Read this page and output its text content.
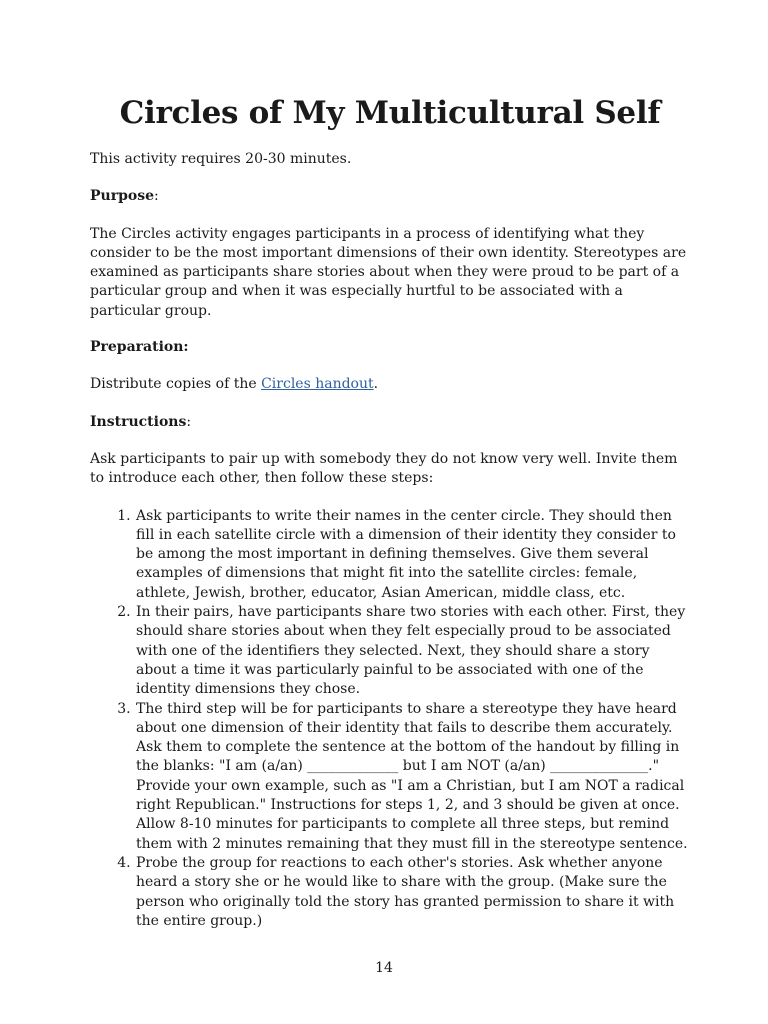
Circles of My Multicultural Self

This activity requires 20-30 minutes.

Purpose:

The Circles activity engages participants in a process of identifying what they consider to be the most important dimensions of their own identity. Stereotypes are examined as participants share stories about when they were proud to be part of a particular group and when it was especially hurtful to be associated with a particular group.

Preparation:

Distribute copies of the Circles handout.

Instructions:

Ask participants to pair up with somebody they do not know very well. Invite them to introduce each other, then follow these steps:

1. Ask participants to write their names in the center circle. They should then fill in each satellite circle with a dimension of their identity they consider to be among the most important in defining themselves. Give them several examples of dimensions that might fit into the satellite circles: female, athlete, Jewish, brother, educator, Asian American, middle class, etc.
2. In their pairs, have participants share two stories with each other. First, they should share stories about when they felt especially proud to be associated with one of the identifiers they selected. Next, they should share a story about a time it was particularly painful to be associated with one of the identity dimensions they chose.
3. The third step will be for participants to share a stereotype they have heard about one dimension of their identity that fails to describe them accurately. Ask them to complete the sentence at the bottom of the handout by filling in the blanks: "I am (a/an) _____________ but I am NOT (a/an) ______________." Provide your own example, such as "I am a Christian, but I am NOT a radical right Republican." Instructions for steps 1, 2, and 3 should be given at once. Allow 8-10 minutes for participants to complete all three steps, but remind them with 2 minutes remaining that they must fill in the stereotype sentence.
4. Probe the group for reactions to each other's stories. Ask whether anyone heard a story she or he would like to share with the group. (Make sure the person who originally told the story has granted permission to share it with the entire group.)
14
